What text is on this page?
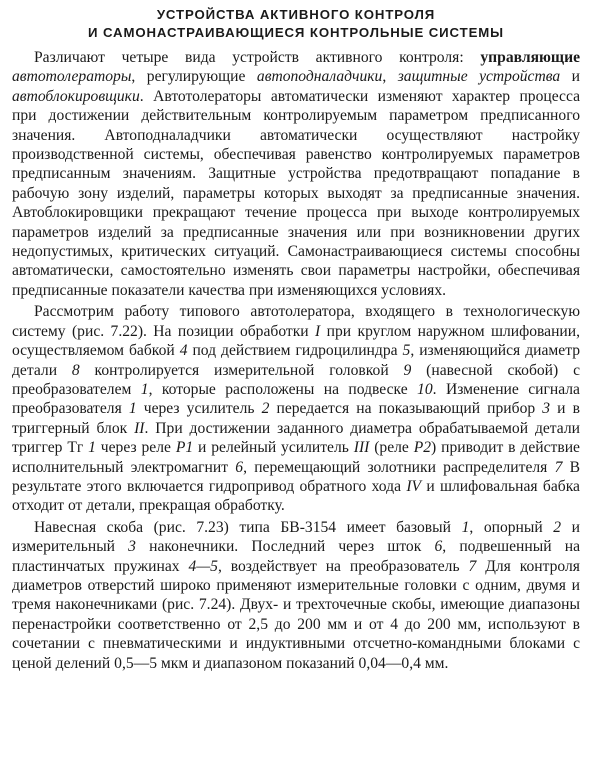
УСТРОЙСТВА АКТИВНОГО КОНТРОЛЯ
И САМОНАСТРАИВАЮЩИЕСЯ КОНТРОЛЬНЫЕ СИСТЕМЫ

Различают четыре вида устройств активного контроля: управляющие автотолераторы, регулирующие автоподналадчики, защитные устройства и автоблокировщики. Автотолераторы автоматически изменяют характер процесса при достижении действительным контролируемым параметром предписанного значения. Автоподналадчики автоматически осуществляют настройку производственной системы, обеспечивая равенство контролируемых параметров предписанным значениям. Защитные устройства предотвращают попадание в рабочую зону изделий, параметры которых выходят за предписанные значения. Автоблокировщики прекращают течение процесса при выходе контролируемых параметров изделий за предписанные значения или при возникновении других недопустимых, критических ситуаций. Самонастраивающиеся системы способны автоматически, самостоятельно изменять свои параметры настройки, обеспечивая предписанные показатели качества при изменяющихся условиях.

Рассмотрим работу типового автотолератора, входящего в технологическую систему (рис. 7.22). На позиции обработки I при круглом наружном шлифовании, осуществляемом бабкой 4 под действием гидроцилиндра 5, изменяющийся диаметр детали 8 контролируется измерительной головкой 9 (навесной скобой) с преобразователем 1, которые расположены на подвеске 10. Изменение сигнала преобразователя 1 через усилитель 2 передается на показывающий прибор 3 и в триггерный блок II. При достижении заданного диаметра обрабатываемой детали триггер Тг 1 через реле P1 и релейный усилитель III (реле P2) приводит в действие исполнительный электромагнит 6, перемещающий золотники распределителя 7 В результате этого включается гидропривод обратного хода IV и шлифовальная бабка отходит от детали, прекращая обработку.

Навесная скоба (рис. 7.23) типа БВ-3154 имеет базовый 1, опорный 2 и измерительный 3 наконечники. Последний через шток 6, подвешенный на пластинчатых пружинах 4—5, воздействует на преобразователь 7 Для контроля диаметров отверстий широко применяют измерительные головки с одним, двумя и тремя наконечниками (рис. 7.24). Двух- и трехточечные скобы, имеющие диапазоны перенастройки соответственно от 2,5 до 200 мм и от 4 до 200 мм, используют в сочетании с пневматическими и индуктивными отсчетно-командными блоками с ценой делений 0,5—5 мкм и диапазоном показаний 0,04—0,4 мм.
